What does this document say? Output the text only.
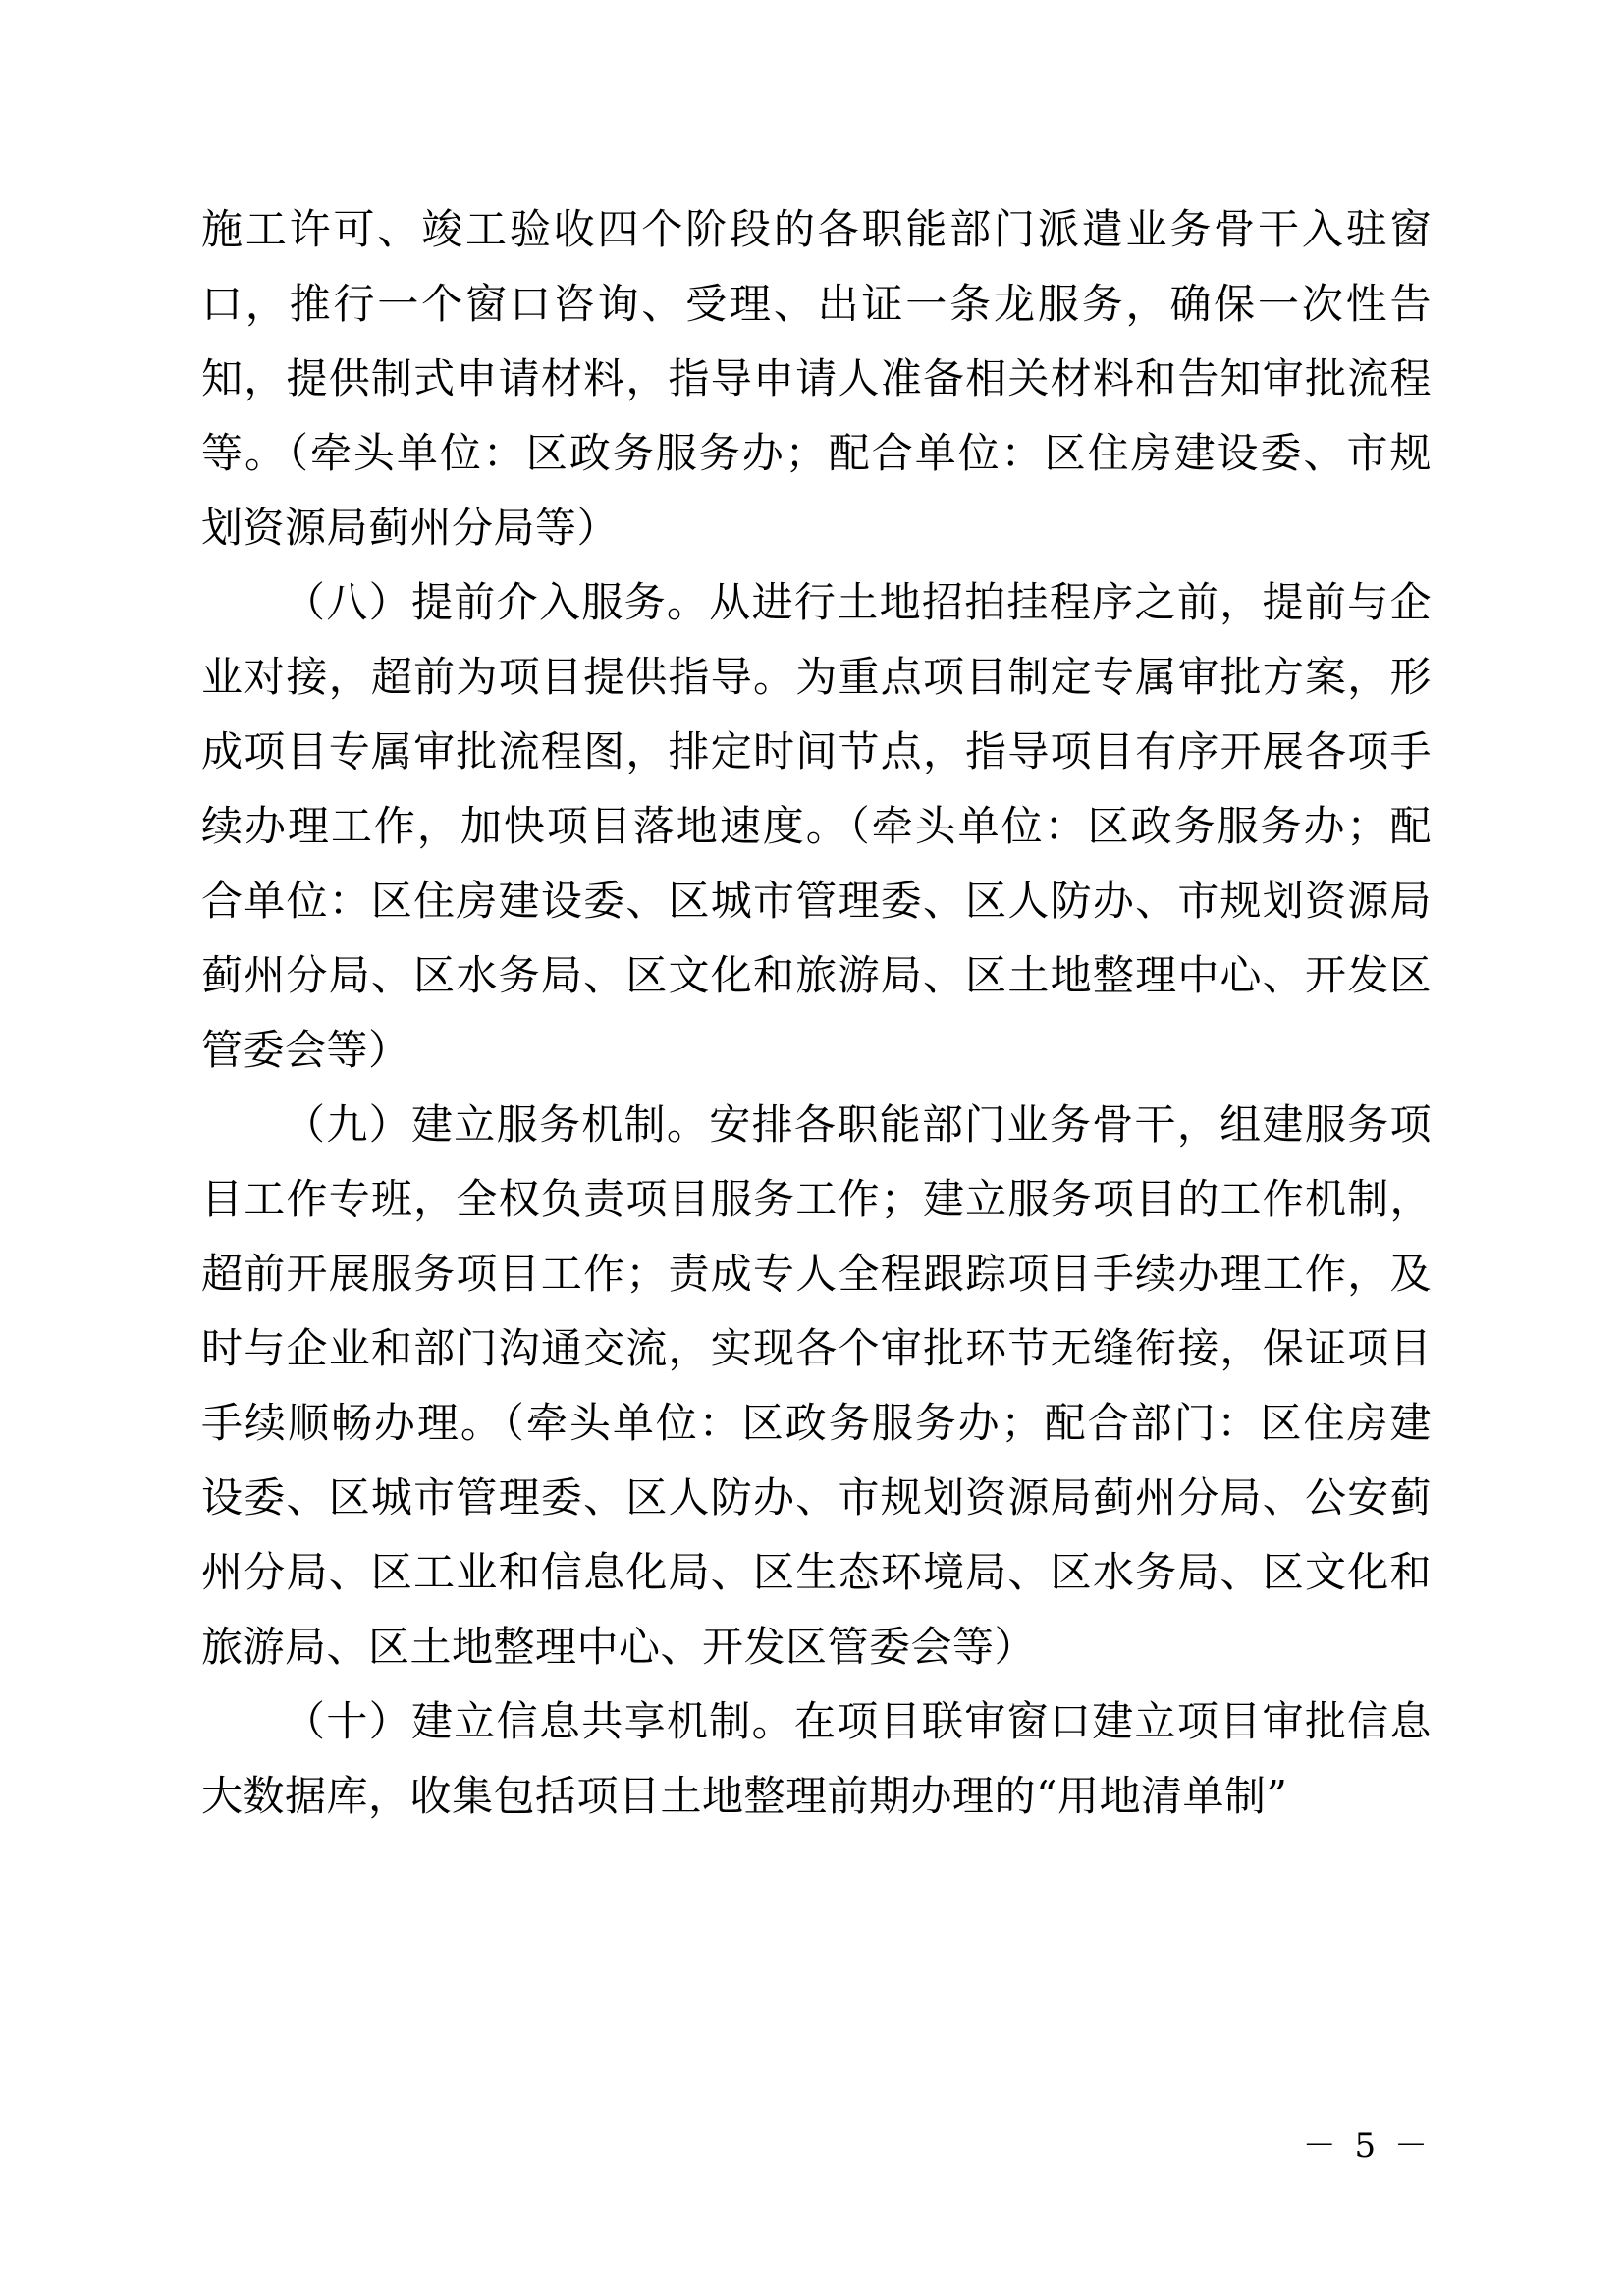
施工许可、竣工验收四个阶段的各职能部门派遣业务骨干入驻窗口，推行一个窗口咨询、受理、出证一条龙服务，确保一次性告知，提供制式申请材料，指导申请人准备相关材料和告知审批流程等。（牵头单位：区政务服务办；配合单位：区住房建设委、市规划资源局蓟州分局等）

（八）提前介入服务。从进行土地招拍挂程序之前，提前与企业对接，超前为项目提供指导。为重点项目制定专属审批方案，形成项目专属审批流程图，排定时间节点，指导项目有序开展各项手续办理工作，加快项目落地速度。（牵头单位：区政务服务办；配合单位：区住房建设委、区城市管理委、区人防办、市规划资源局蓟州分局、区水务局、区文化和旅游局、区土地整理中心、开发区管委会等）

（九）建立服务机制。安排各职能部门业务骨干，组建服务项目工作专班，全权负责项目服务工作；建立服务项目的工作机制，超前开展服务项目工作；责成专人全程跟踪项目手续办理工作，及时与企业和部门沟通交流，实现各个审批环节无缝衔接，保证项目手续顺畅办理。（牵头单位：区政务服务办；配合部门：区住房建设委、区城市管理委、区人防办、市规划资源局蓟州分局、公安蓟州分局、区工业和信息化局、区生态环境局、区水务局、区文化和旅游局、区土地整理中心、开发区管委会等）

（十）建立信息共享机制。在项目联审窗口建立项目审批信息大数据库，收集包括项目土地整理前期办理的“用地清单制”

－ 5 －
